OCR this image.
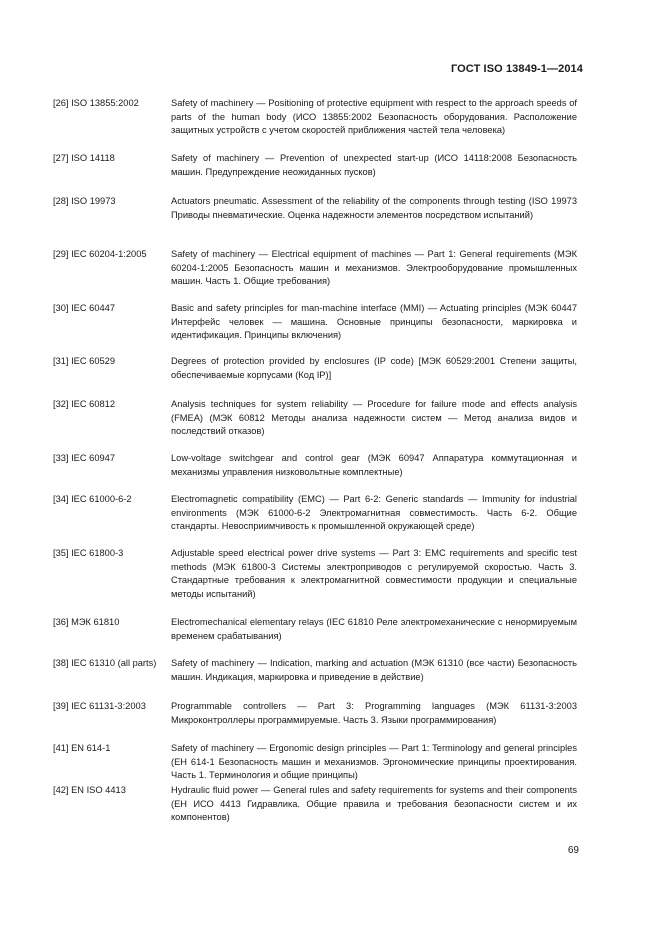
ГОСТ ISO 13849-1—2014
[26] ISO 13855:2002	Safety of machinery — Positioning of protective equipment with respect to the approach speeds of parts of the human body (ИСО 13855:2002 Безопасность оборудования. Расположение защитных устройств с учетом скоростей приближения частей тела человека)
[27] ISO 14118	Safety of machinery — Prevention of unexpected start-up (ИСО 14118:2008 Безопасность машин. Предупреждение неожиданных пусков)
[28] ISO 19973	Actuators pneumatic. Assessment of the reliability of the components through testing (ISO 19973 Приводы пневматические. Оценка надежности элементов посредством испытаний)
[29] IEC 60204-1:2005	Safety of machinery — Electrical equipment of machines — Part 1: General requirements (МЭК 60204-1:2005 Безопасность машин и механизмов. Электрооборудование промышленных машин. Часть 1. Общие требования)
[30] IEC 60447	Basic and safety principles for man-machine interface (MMI) — Actuating principles (МЭК 60447 Интерфейс человек — машина. Основные принципы безопасности, маркировка и идентификация. Принципы включения)
[31] IEC 60529	Degrees of protection provided by enclosures (IP code) [МЭК 60529:2001 Степени защиты, обеспечиваемые корпусами (Код IP)]
[32] IEC 60812	Analysis techniques for system reliability — Procedure for failure mode and effects analysis (FMEA) (МЭК 60812 Методы анализа надежности систем — Метод анализа видов и последствий отказов)
[33] IEC 60947	Low-voltage switchgear and control gear (МЭК 60947 Аппаратура коммутационная и механизмы управления низковольтные комплектные)
[34] IEC 61000-6-2	Electromagnetic compatibility (EMC) — Part 6-2: Generic standards — Immunity for industrial environments (МЭК 61000-6-2 Электромагнитная совместимость. Часть 6-2. Общие стандарты. Невосприимчивость к промышленной окружающей среде)
[35] IEC 61800-3	Adjustable speed electrical power drive systems — Part 3: EMC requirements and specific test methods (МЭК 61800-3 Системы электроприводов с регулируемой скоростью. Часть 3. Стандартные требования к электромагнитной совместимости продукции и специальные методы испытаний)
[36] МЭК 61810	Electromechanical elementary relays (IEC 61810 Реле электромеханические с ненормируемым временем срабатывания)
[38] IEC 61310 (all parts)	Safety of machinery — Indication, marking and actuation (МЭК 61310 (все части) Безопасность машин. Индикация, маркировка и приведение в действие)
[39] IEC 61131-3:2003	Programmable controllers — Part 3: Programming languages (МЭК 61131-3:2003 Микроконтроллеры программируемые. Часть 3. Языки программирования)
[41] EN 614-1	Safety of machinery — Ergonomic design principles — Part 1: Terminology and general principles (ЕН 614-1 Безопасность машин и механизмов. Эргономические принципы проектирования. Часть 1. Терминология и общие принципы)
[42] EN ISO 4413	Hydraulic fluid power — General rules and safety requirements for systems and their components (ЕН ИСО 4413 Гидравлика. Общие правила и требования безопасности систем и их компонентов)
69
